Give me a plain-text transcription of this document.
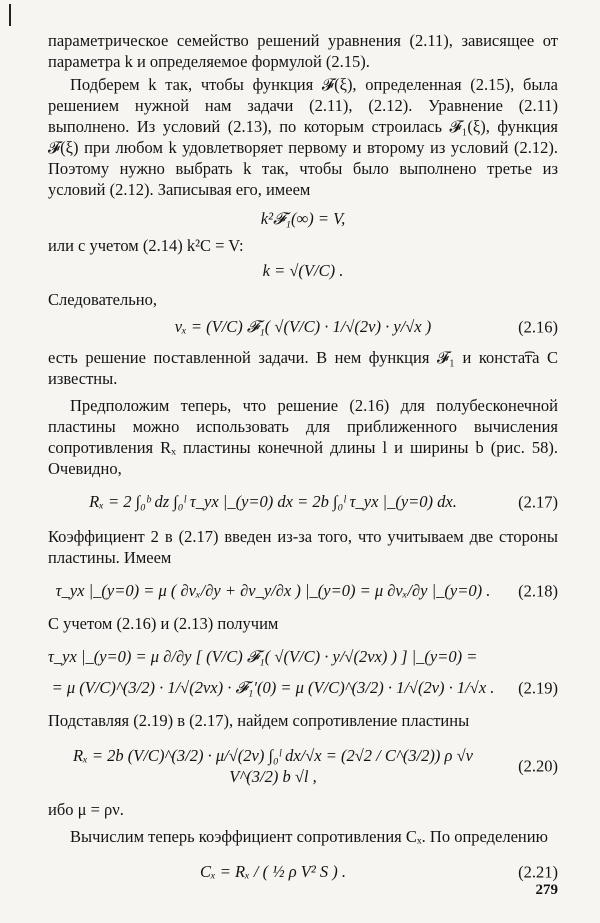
параметрическое семейство решений уравнения (2.11), зависящее от параметра k и определяемое формулой (2.15).

Подберем k так, чтобы функция 𝓕(ξ), определенная (2.15), была решением нужной нам задачи (2.11), (2.12). Уравнение (2.11) выполнено. Из условий (2.13), по которым строилась 𝓕₁(ξ), функция 𝓕(ξ) при любом k удовлетворяет первому и второму из условий (2.12). Поэтому нужно выбрать k так, чтобы было выполнено третье из условий (2.12). Записывая его, имеем

k²𝓕₁(∞) = V,

или с учетом (2.14) k²C = V:

k = √(V/C) .

Следовательно,

vₓ = (V/C) 𝓕₁( √(V/C) · 1/√(2ν) · y/√x )	(2.16)

есть решение поставленной задачи. В нем функция 𝓕₁ и конста͡та C известны.

Предположим теперь, что решение (2.16) для полубесконечной пластины можно использовать для приближенного вычисления сопротивления Rₓ пластины конечной длины l и ширины b (рис. 58). Очевидно,

Rₓ = 2 ∫₀ᵇ dz ∫₀ˡ τ_yx |_(y=0) dx = 2b ∫₀ˡ τ_yx |_(y=0) dx.	(2.17)

Коэффициент 2 в (2.17) введен из-за того, что учитываем две стороны пластины. Имеем

τ_yx |_(y=0) = μ ( ∂vₓ/∂y + ∂v_y/∂x ) |_(y=0) = μ ∂vₓ/∂y |_(y=0) .	(2.18)

С учетом (2.16) и (2.13) получим

τ_yx |_(y=0) = μ ∂/∂y [ (V/C) 𝓕₁( √(V/C) · y/√(2νx) ) ] |_(y=0) =
= μ (V/C)^(3/2) · 1/√(2νx) · 𝓕₁′(0) = μ (V/C)^(3/2) · 1/√(2ν) · 1/√x .	(2.19)

Подставляя (2.19) в (2.17), найдем сопротивление пластины

Rₓ = 2b (V/C)^(3/2) · μ/√(2ν) ∫₀ˡ dx/√x = (2√2 / C^(3/2)) ρ √ν V^(3/2) b √l ,
(2.20)

ибо μ = ρν.

Вычислим теперь коэффициент сопротивления Cₓ. По определению

Cₓ = Rₓ / ( ½ ρ V² S ) .	(2.21)
279
